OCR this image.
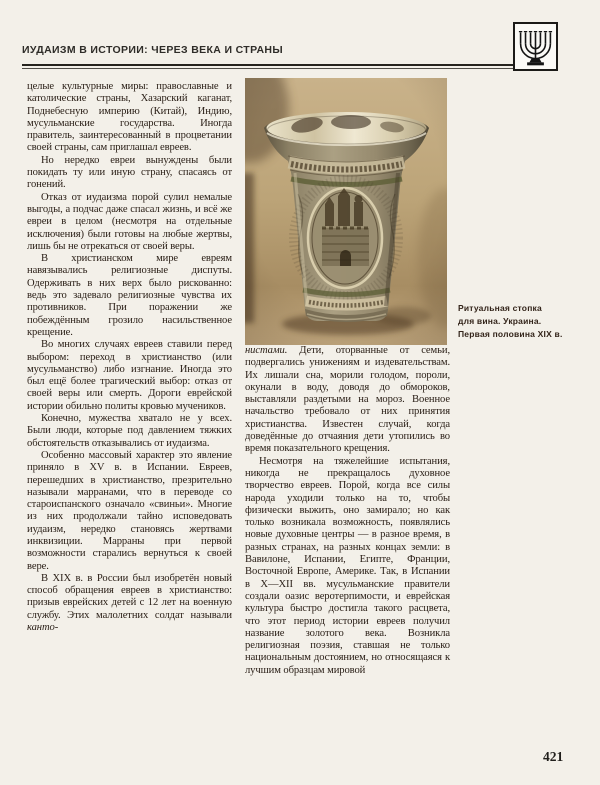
ИУДАИЗМ В ИСТОРИИ: ЧЕРЕЗ ВЕКА И СТРАНЫ
Ритуальная стопка
для вина. Украина.
Первая половина XIX в.

целые культурные миры: православные и католические страны, Хазарский каганат, Поднебесную империю (Китай), Индию, мусульманские государства. Иногда правитель, заинтересованный в процветании своей страны, сам приглашал евреев.

Но нередко евреи вынуждены были покидать ту или иную страну, спасаясь от гонений.

Отказ от иудаизма порой сулил немалые выгоды, а подчас даже спасал жизнь, и всё же евреи в целом (несмотря на отдельные исключения) были готовы на любые жертвы, лишь бы не отрекаться от своей веры.

В христианском мире евреям навязывались религиозные диспуты. Одерживать в них верх было рискованно: ведь это задевало религиозные чувства их противников. При поражении же побеждённым грозило насильственное крещение.

Во многих случаях евреев ставили перед выбором: переход в христианство (или мусульманство) либо изгнание. Иногда это был ещё более трагический выбор: отказ от своей веры или смерть. Дороги еврейской истории обильно политы кровью мучеников.

Конечно, мужества хватало не у всех. Были люди, которые под давлением тяжких обстоятельств отказывались от иудаизма.

Особенно массовый характер это явление приняло в XV в. в Испании. Евреев, перешедших в христианство, презрительно называли марранами, что в переводе со староиспанского означало «свиньи». Многие из них продолжали тайно исповедовать иудаизм, нередко становясь жертвами инквизиции. Марраны при первой возможности старались вернуться к своей вере.

В XIX в. в России был изобретён новый способ обращения евреев в христианство: призыв еврейских детей с 12 лет на военную службу. Этих малолетних солдат называли канто-

нистами. Дети, оторванные от семьи, подвергались унижениям и издевательствам. Их лишали сна, морили голодом, пороли, окунали в воду, доводя до обмороков, выставляли раздетыми на мороз. Военное начальство требовало от них принятия христианства. Известен случай, когда доведённые до отчаяния дети утопились во время показательного крещения.

Несмотря на тяжелейшие испытания, никогда не прекращалось духовное творчество евреев. Порой, когда все силы народа уходили только на то, чтобы физически выжить, оно замирало; но как только возникала возможность, появлялись новые духовные центры — в разное время, в разных странах, на разных концах земли: в Вавилоне, Испании, Египте, Франции, Восточной Европе, Америке. Так, в Испании в X—XII вв. мусульманские правители создали оазис веротерпимости, и еврейская культура быстро достигла такого расцвета, что этот период истории евреев получил название золотого века. Возникла религиозная поэзия, ставшая не только национальным достоянием, но относящаяся к лучшим образцам мировой

421
